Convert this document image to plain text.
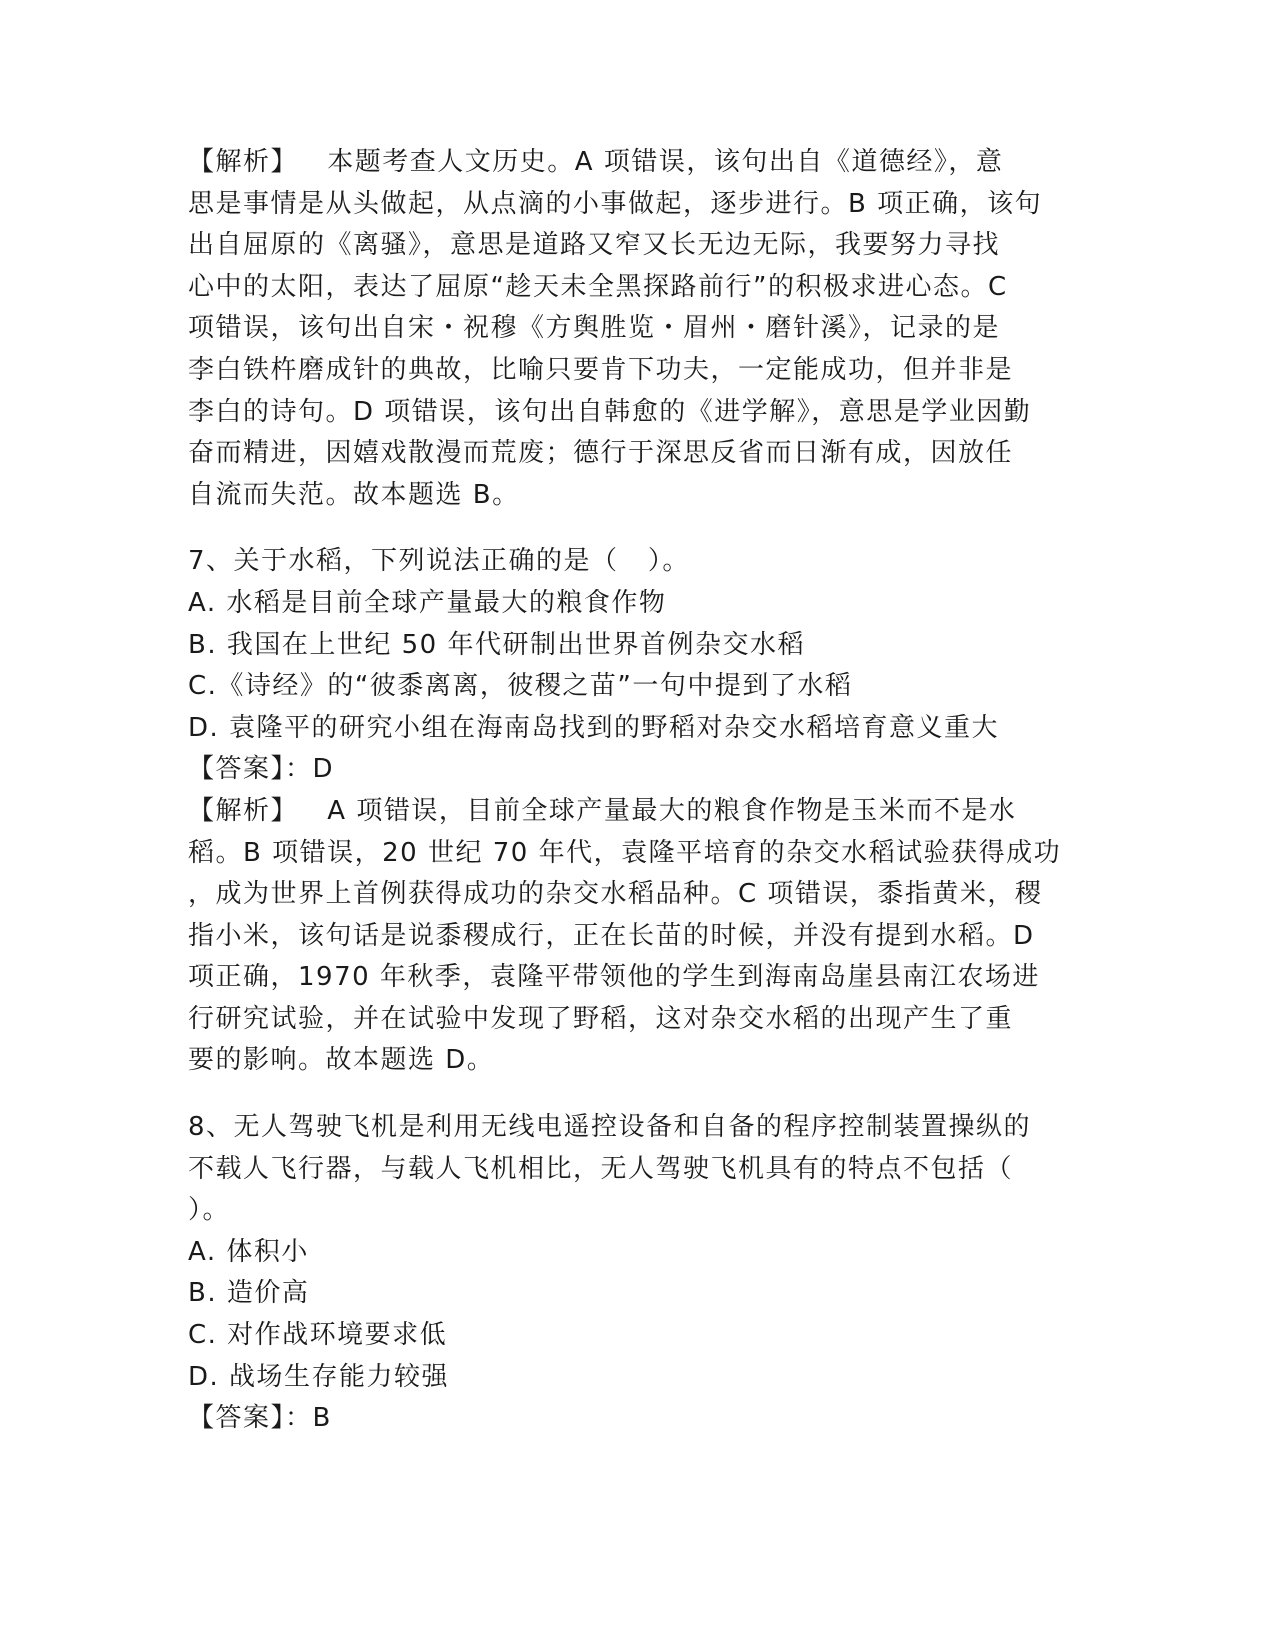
【解析】   本题考查人文历史。A 项错误，该句出自《道德经》，意
思是事情是从头做起，从点滴的小事做起，逐步进行。B 项正确，该句
出自屈原的《离骚》，意思是道路又窄又长无边无际，我要努力寻找
心中的太阳，表达了屈原“趁天未全黑探路前行”的积极求进心态。C
项错误，该句出自宋・祝穆《方舆胜览・眉州・磨针溪》，记录的是
李白铁杵磨成针的典故，比喻只要肯下功夫，一定能成功，但并非是
李白的诗句。D 项错误，该句出自韩愈的《进学解》，意思是学业因勤
奋而精进，因嬉戏散漫而荒废；德行于深思反省而日渐有成，因放任
自流而失范。故本题选 B。
7、关于水稻，下列说法正确的是（   ）。
A. 水稻是目前全球产量最大的粮食作物
B. 我国在上世纪 50 年代研制出世界首例杂交水稻
C.《诗经》的“彼黍离离，彼稷之苗”一句中提到了水稻
D. 袁隆平的研究小组在海南岛找到的野稻对杂交水稻培育意义重大
【答案】：D
【解析】   A 项错误，目前全球产量最大的粮食作物是玉米而不是水
稻。B 项错误，20 世纪 70 年代，袁隆平培育的杂交水稻试验获得成功
，成为世界上首例获得成功的杂交水稻品种。C 项错误，黍指黄米，稷
指小米，该句话是说黍稷成行，正在长苗的时候，并没有提到水稻。D
项正确，1970 年秋季，袁隆平带领他的学生到海南岛崖县南江农场进
行研究试验，并在试验中发现了野稻，这对杂交水稻的出现产生了重
要的影响。故本题选 D。
8、无人驾驶飞机是利用无线电遥控设备和自备的程序控制装置操纵的
不载人飞行器，与载人飞机相比，无人驾驶飞机具有的特点不包括（
）。
A. 体积小
B. 造价高
C. 对作战环境要求低
D. 战场生存能力较强
【答案】：B
